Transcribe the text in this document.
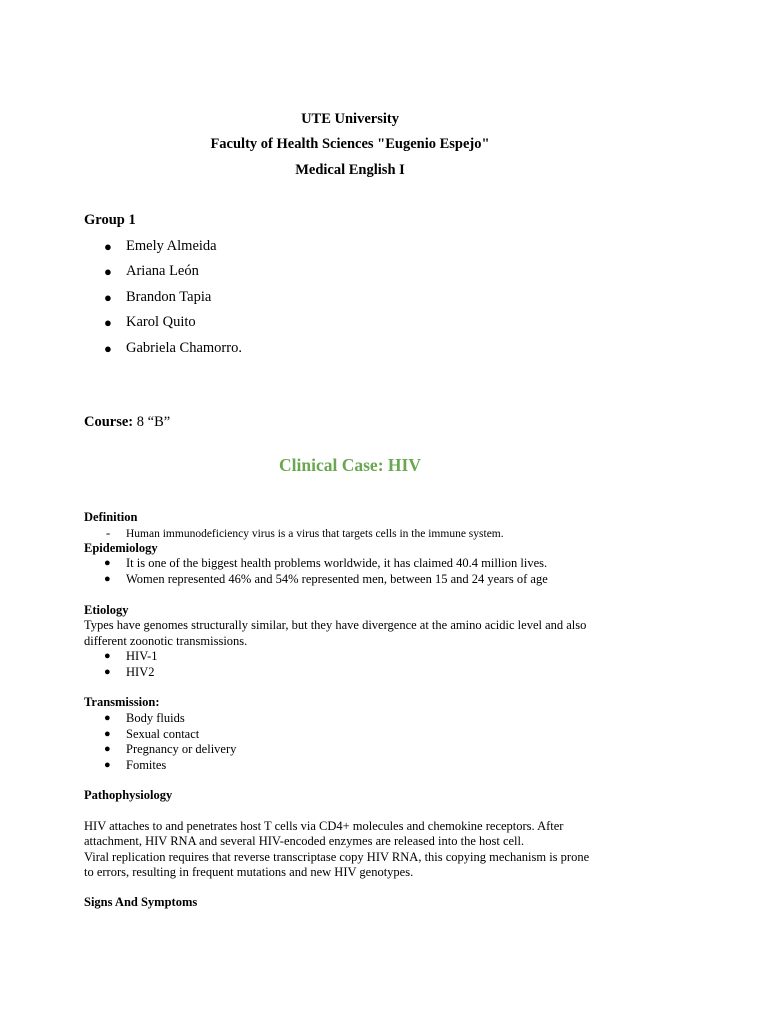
UTE University
Faculty of Health Sciences "Eugenio Espejo"
Medical English I
Group 1
● Emely Almeida
● Ariana León
● Brandon Tapia
● Karol Quito
● Gabriela Chamorro.
Course: 8 “B”
Clinical Case: HIV
Definition
- Human immunodeficiency virus is a virus that targets cells in the immune system.
Epidemiology
● It is one of the biggest health problems worldwide, it has claimed 40.4 million lives.
● Women represented 46% and 54% represented men, between 15 and 24 years of age
Etiology
Types have genomes structurally similar, but they have divergence at the amino acidic level and also
different zoonotic transmissions.
● HIV-1
● HIV2
Transmission:
● Body fluids
● Sexual contact
● Pregnancy or delivery
● Fomites
Pathophysiology
HIV attaches to and penetrates host T cells via CD4+ molecules and chemokine receptors. After
attachment, HIV RNA and several HIV-encoded enzymes are released into the host cell.
Viral replication requires that reverse transcriptase copy HIV RNA, this copying mechanism is prone
to errors, resulting in frequent mutations and new HIV genotypes.
Signs And Symptoms
